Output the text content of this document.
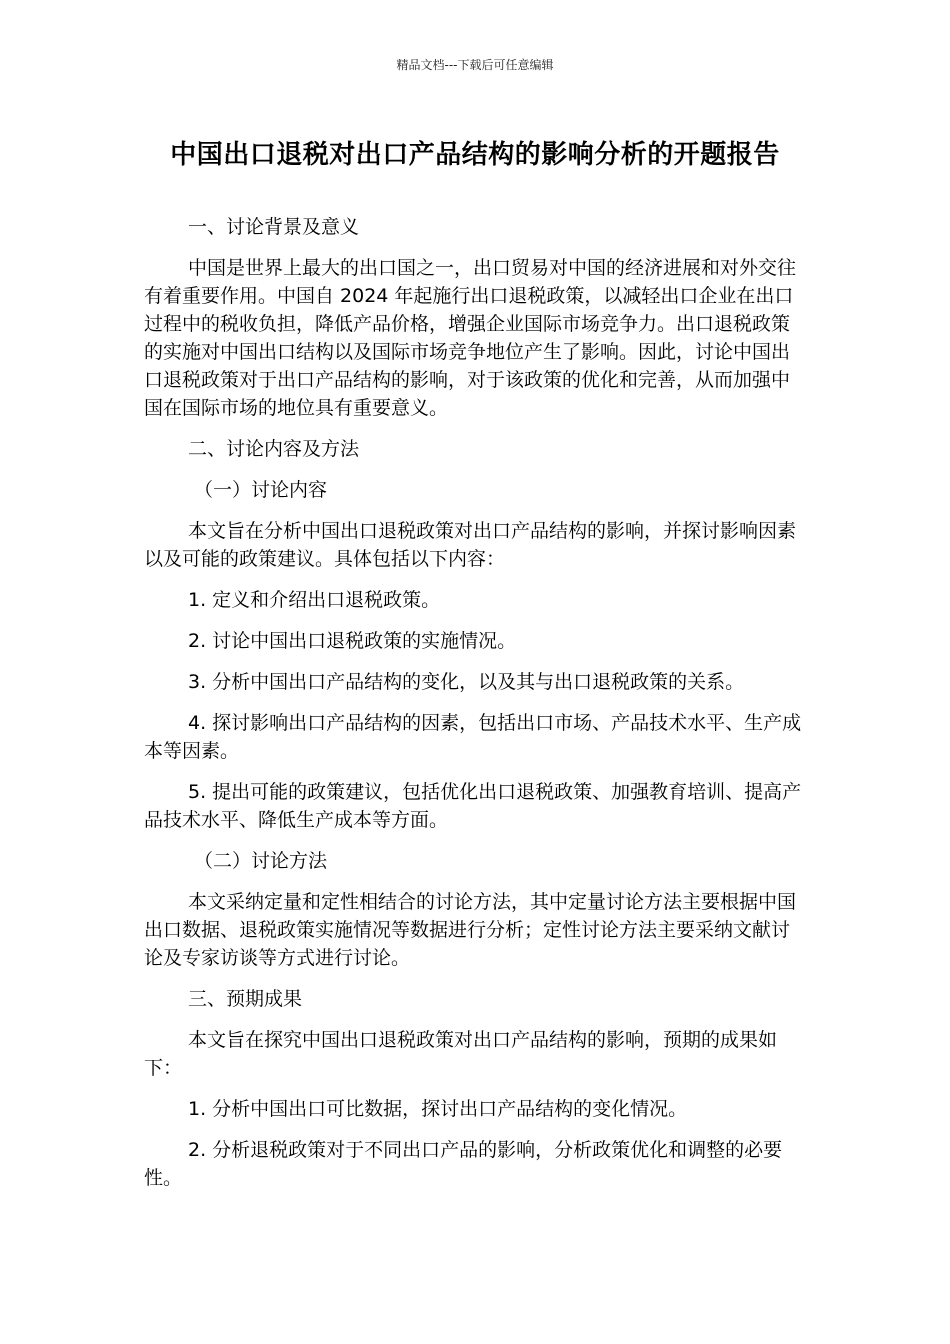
精品文档---下载后可任意编辑
中国出口退税对出口产品结构的影响分析的开题报告

一、讨论背景及意义

中国是世界上最大的出口国之一，出口贸易对中国的经济进展和对外交往有着重要作用。中国自 2024 年起施行出口退税政策，以减轻出口企业在出口过程中的税收负担，降低产品价格，增强企业国际市场竞争力。出口退税政策的实施对中国出口结构以及国际市场竞争地位产生了影响。因此，讨论中国出口退税政策对于出口产品结构的影响，对于该政策的优化和完善，从而加强中国在国际市场的地位具有重要意义。

二、讨论内容及方法

（一）讨论内容

本文旨在分析中国出口退税政策对出口产品结构的影响，并探讨影响因素以及可能的政策建议。具体包括以下内容：

1. 定义和介绍出口退税政策。

2. 讨论中国出口退税政策的实施情况。

3. 分析中国出口产品结构的变化，以及其与出口退税政策的关系。

4. 探讨影响出口产品结构的因素，包括出口市场、产品技术水平、生产成本等因素。

5. 提出可能的政策建议，包括优化出口退税政策、加强教育培训、提高产品技术水平、降低生产成本等方面。

（二）讨论方法

本文采纳定量和定性相结合的讨论方法，其中定量讨论方法主要根据中国出口数据、退税政策实施情况等数据进行分析；定性讨论方法主要采纳文献讨论及专家访谈等方式进行讨论。

三、预期成果

本文旨在探究中国出口退税政策对出口产品结构的影响，预期的成果如下：

1. 分析中国出口可比数据，探讨出口产品结构的变化情况。

2. 分析退税政策对于不同出口产品的影响，分析政策优化和调整的必要性。
